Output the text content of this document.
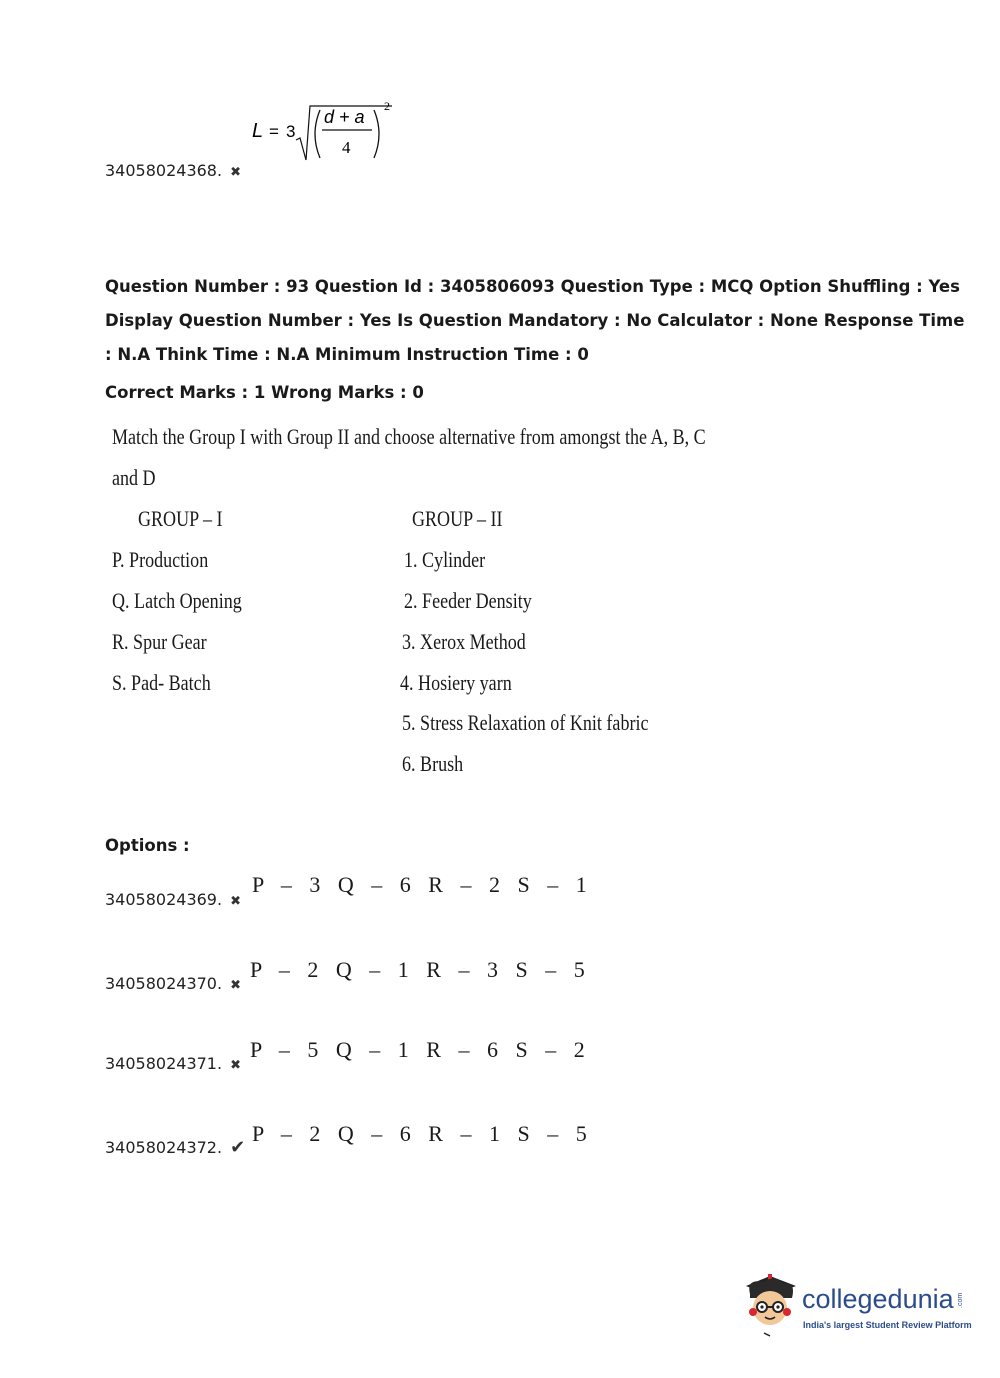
L = 3
d + a
4
2
34058024368. ✖
Question Number : 93 Question Id : 3405806093 Question Type : MCQ Option Shuffling : Yes
Display Question Number : Yes Is Question Mandatory : No Calculator : None Response Time
: N.A Think Time : N.A Minimum Instruction Time : 0
Correct Marks : 1 Wrong Marks : 0
Match the Group I with Group II and choose alternative from amongst the A, B, C
and D
GROUP – I	GROUP – II
P. Production
Q. Latch Opening
R. Spur Gear
S. Pad- Batch
1. Cylinder
2. Feeder Density
3. Xerox Method
4. Hosiery yarn
5. Stress Relaxation of Knit fabric
6. Brush
Options :
34058024369. ✖
P – 3 Q – 6 R – 2 S – 1
34058024370. ✖
P – 2 Q – 1 R – 3 S – 5
34058024371. ✖
P – 5 Q – 1 R – 6 S – 2
34058024372. ✔
P – 2 Q – 6 R – 1 S – 5
collegedunia .com
India's largest Student Review Platform
